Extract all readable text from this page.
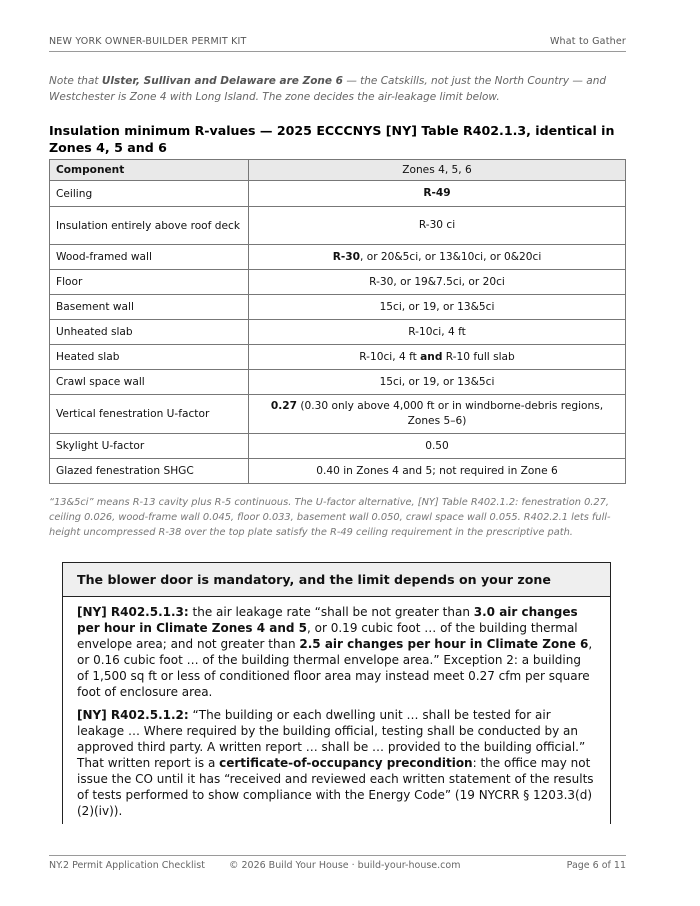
NEW YORK OWNER-BUILDER PERMIT KIT	What to Gather
Note that Ulster, Sullivan and Delaware are Zone 6 — the Catskills, not just the North Country — and Westchester is Zone 4 with Long Island. The zone decides the air-leakage limit below.
Insulation minimum R-values — 2025 ECCCNYS [NY] Table R402.1.3, identical in Zones 4, 5 and 6
Component	Zones 4, 5, 6
Ceiling	R-49
Insulation entirely above roof deck	R-30 ci
Wood-framed wall	R-30, or 20&5ci, or 13&10ci, or 0&20ci
Floor	R-30, or 19&7.5ci, or 20ci
Basement wall	15ci, or 19, or 13&5ci
Unheated slab	R-10ci, 4 ft
Heated slab	R-10ci, 4 ft and R-10 full slab
Crawl space wall	15ci, or 19, or 13&5ci
Vertical fenestration U-factor	0.27 (0.30 only above 4,000 ft or in windborne-debris regions, Zones 5–6)
Skylight U-factor	0.50
Glazed fenestration SHGC	0.40 in Zones 4 and 5; not required in Zone 6
“13&5ci” means R-13 cavity plus R-5 continuous. The U-factor alternative, [NY] Table R402.1.2: fenestration 0.27, ceiling 0.026, wood-frame wall 0.045, floor 0.033, basement wall 0.050, crawl space wall 0.055. R402.2.1 lets full-height uncompressed R-38 over the top plate satisfy the R-49 ceiling requirement in the prescriptive path.
The blower door is mandatory, and the limit depends on your zone

[NY] R402.5.1.3: the air leakage rate “shall be not greater than 3.0 air changes per hour in Climate Zones 4 and 5, or 0.19 cubic foot … of the building thermal envelope area; and not greater than 2.5 air changes per hour in Climate Zone 6, or 0.16 cubic foot … of the building thermal envelope area.” Exception 2: a building of 1,500 sq ft or less of conditioned floor area may instead meet 0.27 cfm per square foot of enclosure area.

[NY] R402.5.1.2: “The building or each dwelling unit … shall be tested for air leakage … Where required by the building official, testing shall be conducted by an approved third party. A written report … shall be … provided to the building official.” That written report is a certificate-of-occupancy precondition: the office may not issue the CO until it has “received and reviewed each written statement of the results of tests performed to show compliance with the Energy Code” (19 NYCRR § 1203.3(d)(2)(iv)).

NY.2 Permit Application Checklist	© 2026 Build Your House · build-your-house.com	Page 6 of 11
